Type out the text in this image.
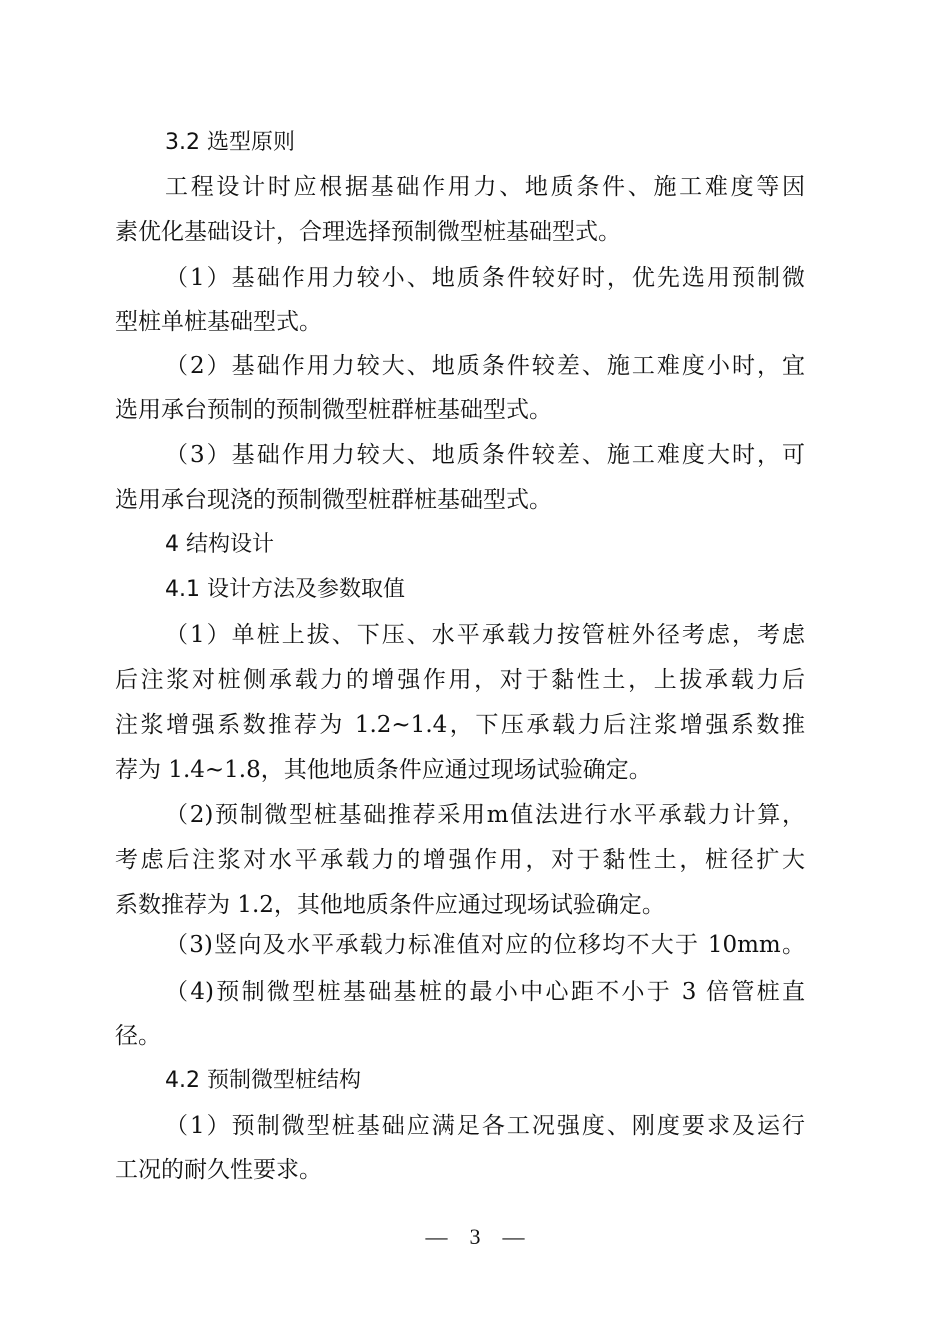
3.2 选型原则
工程设计时应根据基础作用力、地质条件、施工难度等因
素优化基础设计，合理选择预制微型桩基础型式。
（1）基础作用力较小、地质条件较好时，优先选用预制微
型桩单桩基础型式。
（2）基础作用力较大、地质条件较差、施工难度小时，宜
选用承台预制的预制微型桩群桩基础型式。
（3）基础作用力较大、地质条件较差、施工难度大时，可
选用承台现浇的预制微型桩群桩基础型式。
4 结构设计
4.1 设计方法及参数取值
（1）单桩上拔、下压、水平承载力按管桩外径考虑，考虑
后注浆对桩侧承载力的增强作用，对于黏性土，上拔承载力后
注浆增强系数推荐为 1.2~1.4，下压承载力后注浆增强系数推
荐为 1.4~1.8，其他地质条件应通过现场试验确定。
（2)预制微型桩基础推荐采用m值法进行水平承载力计算，
考虑后注浆对水平承载力的增强作用，对于黏性土，桩径扩大
系数推荐为 1.2，其他地质条件应通过现场试验确定。
（3)竖向及水平承载力标准值对应的位移均不大于 10mm。
（4)预制微型桩基础基桩的最小中心距不小于 3 倍管桩直
径。
4.2 预制微型桩结构
（1）预制微型桩基础应满足各工况强度、刚度要求及运行
工况的耐久性要求。
—　3　—
